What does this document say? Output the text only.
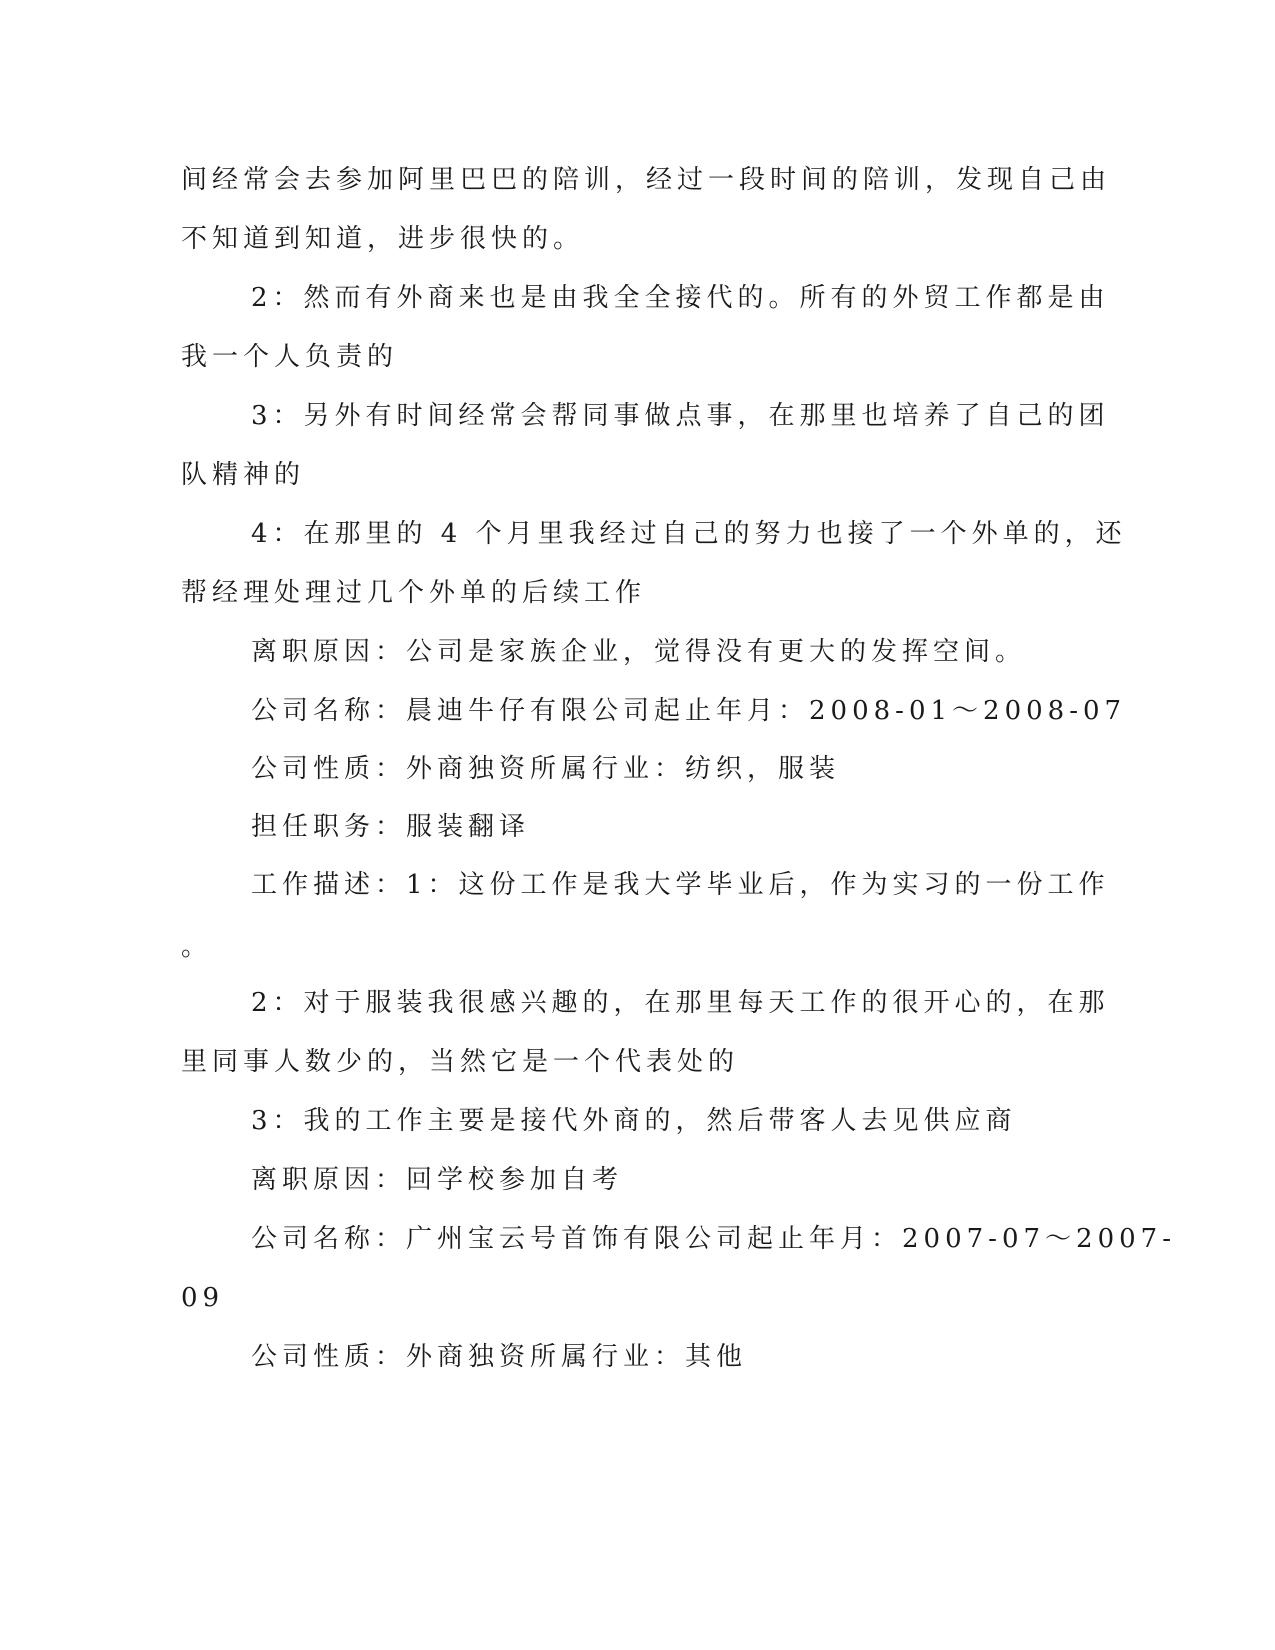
间经常会去参加阿里巴巴的陪训，经过一段时间的陪训，发现自己由
不知道到知道，进步很快的。
2：然而有外商来也是由我全全接代的。所有的外贸工作都是由
我一个人负责的
3：另外有时间经常会帮同事做点事，在那里也培养了自己的团
队精神的
4：在那里的 4 个月里我经过自己的努力也接了一个外单的，还
帮经理处理过几个外单的后续工作
离职原因：公司是家族企业，觉得没有更大的发挥空间。
公司名称：晨迪牛仔有限公司起止年月：2008-01～2008-07
公司性质：外商独资所属行业：纺织，服装
担任职务：服装翻译
工作描述：1：这份工作是我大学毕业后，作为实习的一份工作
。
2：对于服装我很感兴趣的，在那里每天工作的很开心的，在那
里同事人数少的，当然它是一个代表处的
3：我的工作主要是接代外商的，然后带客人去见供应商
离职原因：回学校参加自考
公司名称：广州宝云号首饰有限公司起止年月：2007-07～2007-
09
公司性质：外商独资所属行业：其他
